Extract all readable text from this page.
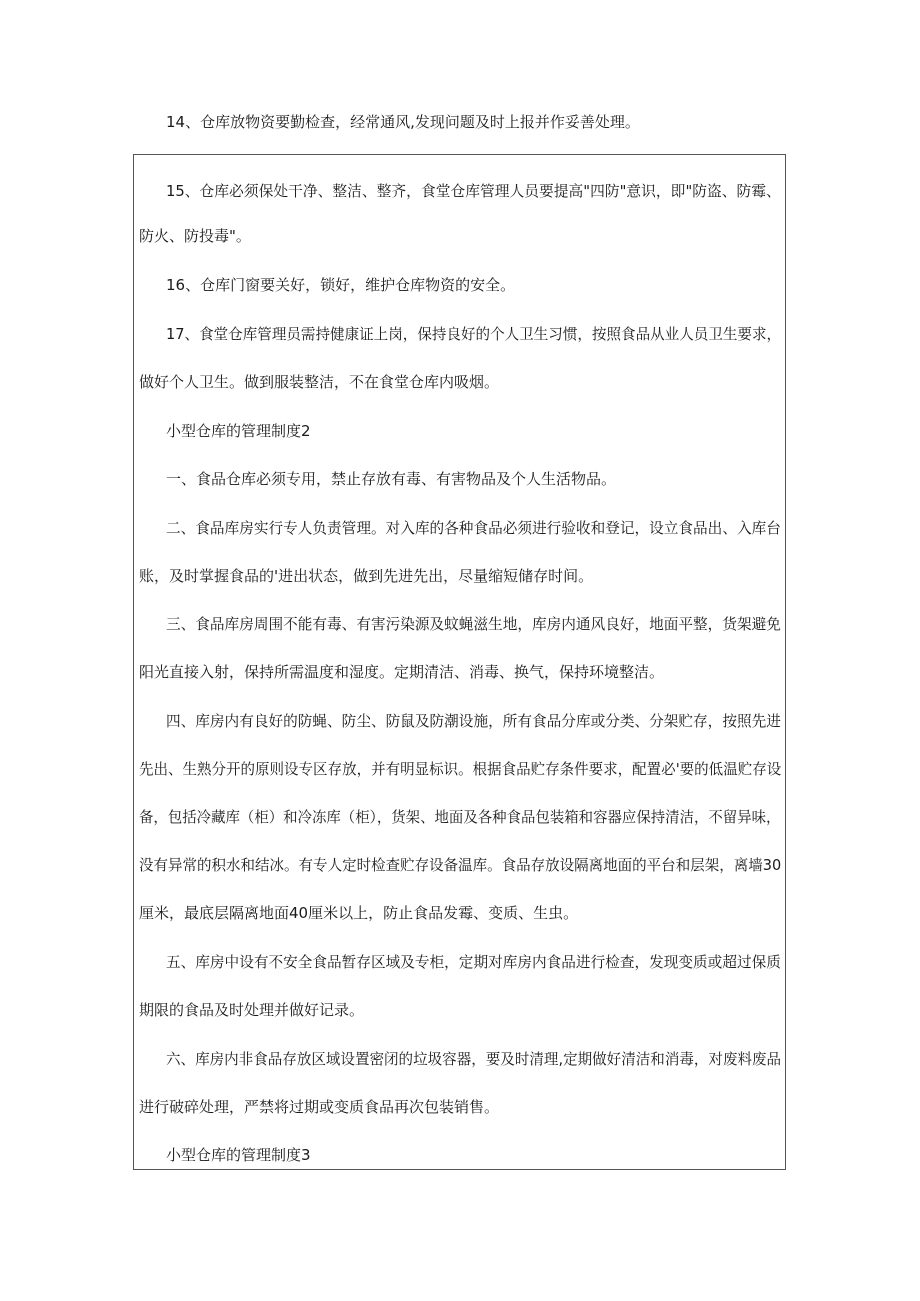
14、仓库放物资要勤检查，经常通风,发现问题及时上报并作妥善处理。

15、仓库必须保处干净、整洁、整齐，食堂仓库管理人员要提高"四防"意识，即"防盗、防霉、

防火、防投毒"。

16、仓库门窗要关好，锁好，维护仓库物资的安全。

17、食堂仓库管理员需持健康证上岗，保持良好的个人卫生习惯，按照食品从业人员卫生要求，

做好个人卫生。做到服装整洁，不在食堂仓库内吸烟。

小型仓库的管理制度2

一、食品仓库必须专用，禁止存放有毒、有害物品及个人生活物品。

二、食品库房实行专人负责管理。对入库的各种食品必须进行验收和登记，设立食品出、入库台

账，及时掌握食品的'进出状态，做到先进先出，尽量缩短储存时间。

三、食品库房周围不能有毒、有害污染源及蚊蝇滋生地，库房内通风良好，地面平整，货架避免

阳光直接入射，保持所需温度和湿度。定期清洁、消毒、换气，保持环境整洁。

四、库房内有良好的防蝇、防尘、防鼠及防潮设施，所有食品分库或分类、分架贮存，按照先进

先出、生熟分开的原则设专区存放，并有明显标识。根据食品贮存条件要求，配置必'要的低温贮存设

备，包括冷藏库（柜）和冷冻库（柜），货架、地面及各种食品包装箱和容器应保持清洁，不留异味，

没有异常的积水和结冰。有专人定时检查贮存设备温库。食品存放设隔离地面的平台和层架，离墙30

厘米，最底层隔离地面40厘米以上，防止食品发霉、变质、生虫。

五、库房中设有不安全食品暂存区域及专柜，定期对库房内食品进行检查，发现变质或超过保质

期限的食品及时处理并做好记录。

六、库房内非食品存放区域设置密闭的垃圾容器，要及时清理,定期做好清洁和消毒，对废料废品

进行破碎处理，严禁将过期或变质食品再次包装销售。

小型仓库的管理制度3
